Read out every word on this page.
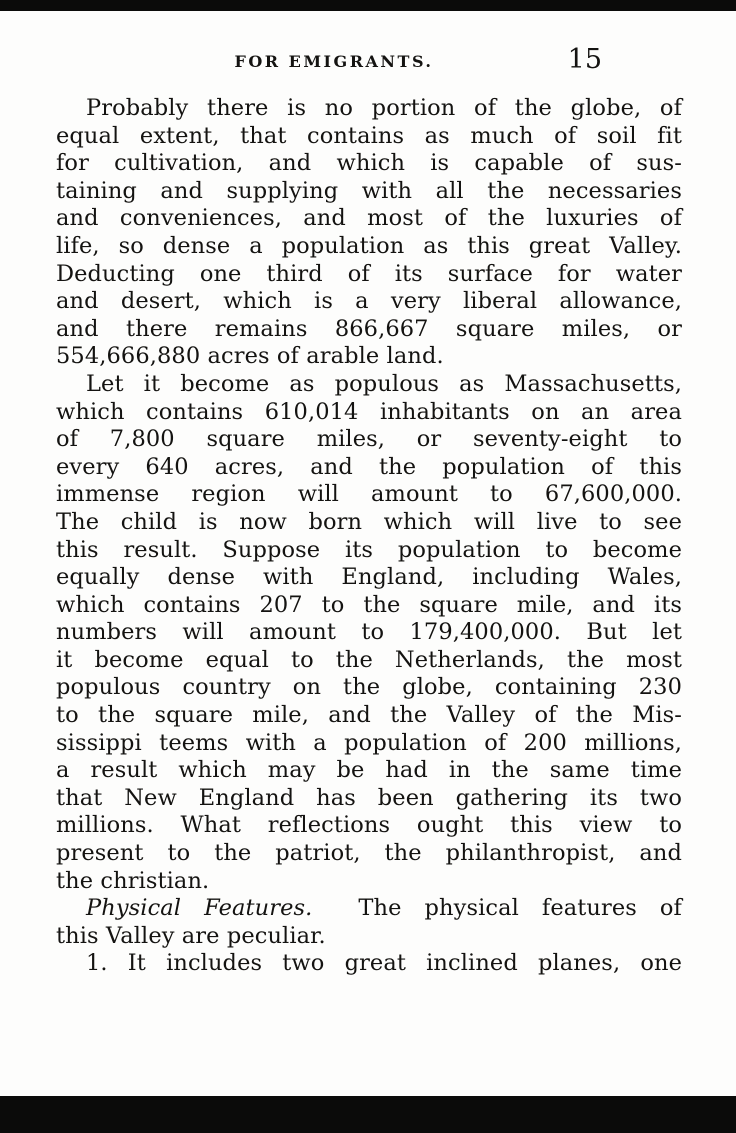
FOR EMIGRANTS.	15
Probably there is no portion of the globe, of
equal extent, that contains as much of soil fit
for cultivation, and which is capable of sus-
taining and supplying with all the necessaries
and conveniences, and most of the luxuries of
life, so dense a population as this great Valley.
Deducting one third of its surface for water
and desert, which is a very liberal allowance,
and there remains 866,667 square miles, or
554,666,880 acres of arable land.
Let it become as populous as Massachusetts,
which contains 610,014 inhabitants on an area
of 7,800 square miles, or seventy-eight to
every 640 acres, and the population of this
immense region will amount to 67,600,000.
The child is now born which will live to see
this result. Suppose its population to become
equally dense with England, including Wales,
which contains 207 to the square mile, and its
numbers will amount to 179,400,000. But let
it become equal to the Netherlands, the most
populous country on the globe, containing 230
to the square mile, and the Valley of the Mis-
sissippi teems with a population of 200 millions,
a result which may be had in the same time
that New England has been gathering its two
millions. What reflections ought this view to
present to the patriot, the philanthropist, and
the christian.
Physical Features.  The physical features of
this Valley are peculiar.
1. It includes two great inclined planes, one
